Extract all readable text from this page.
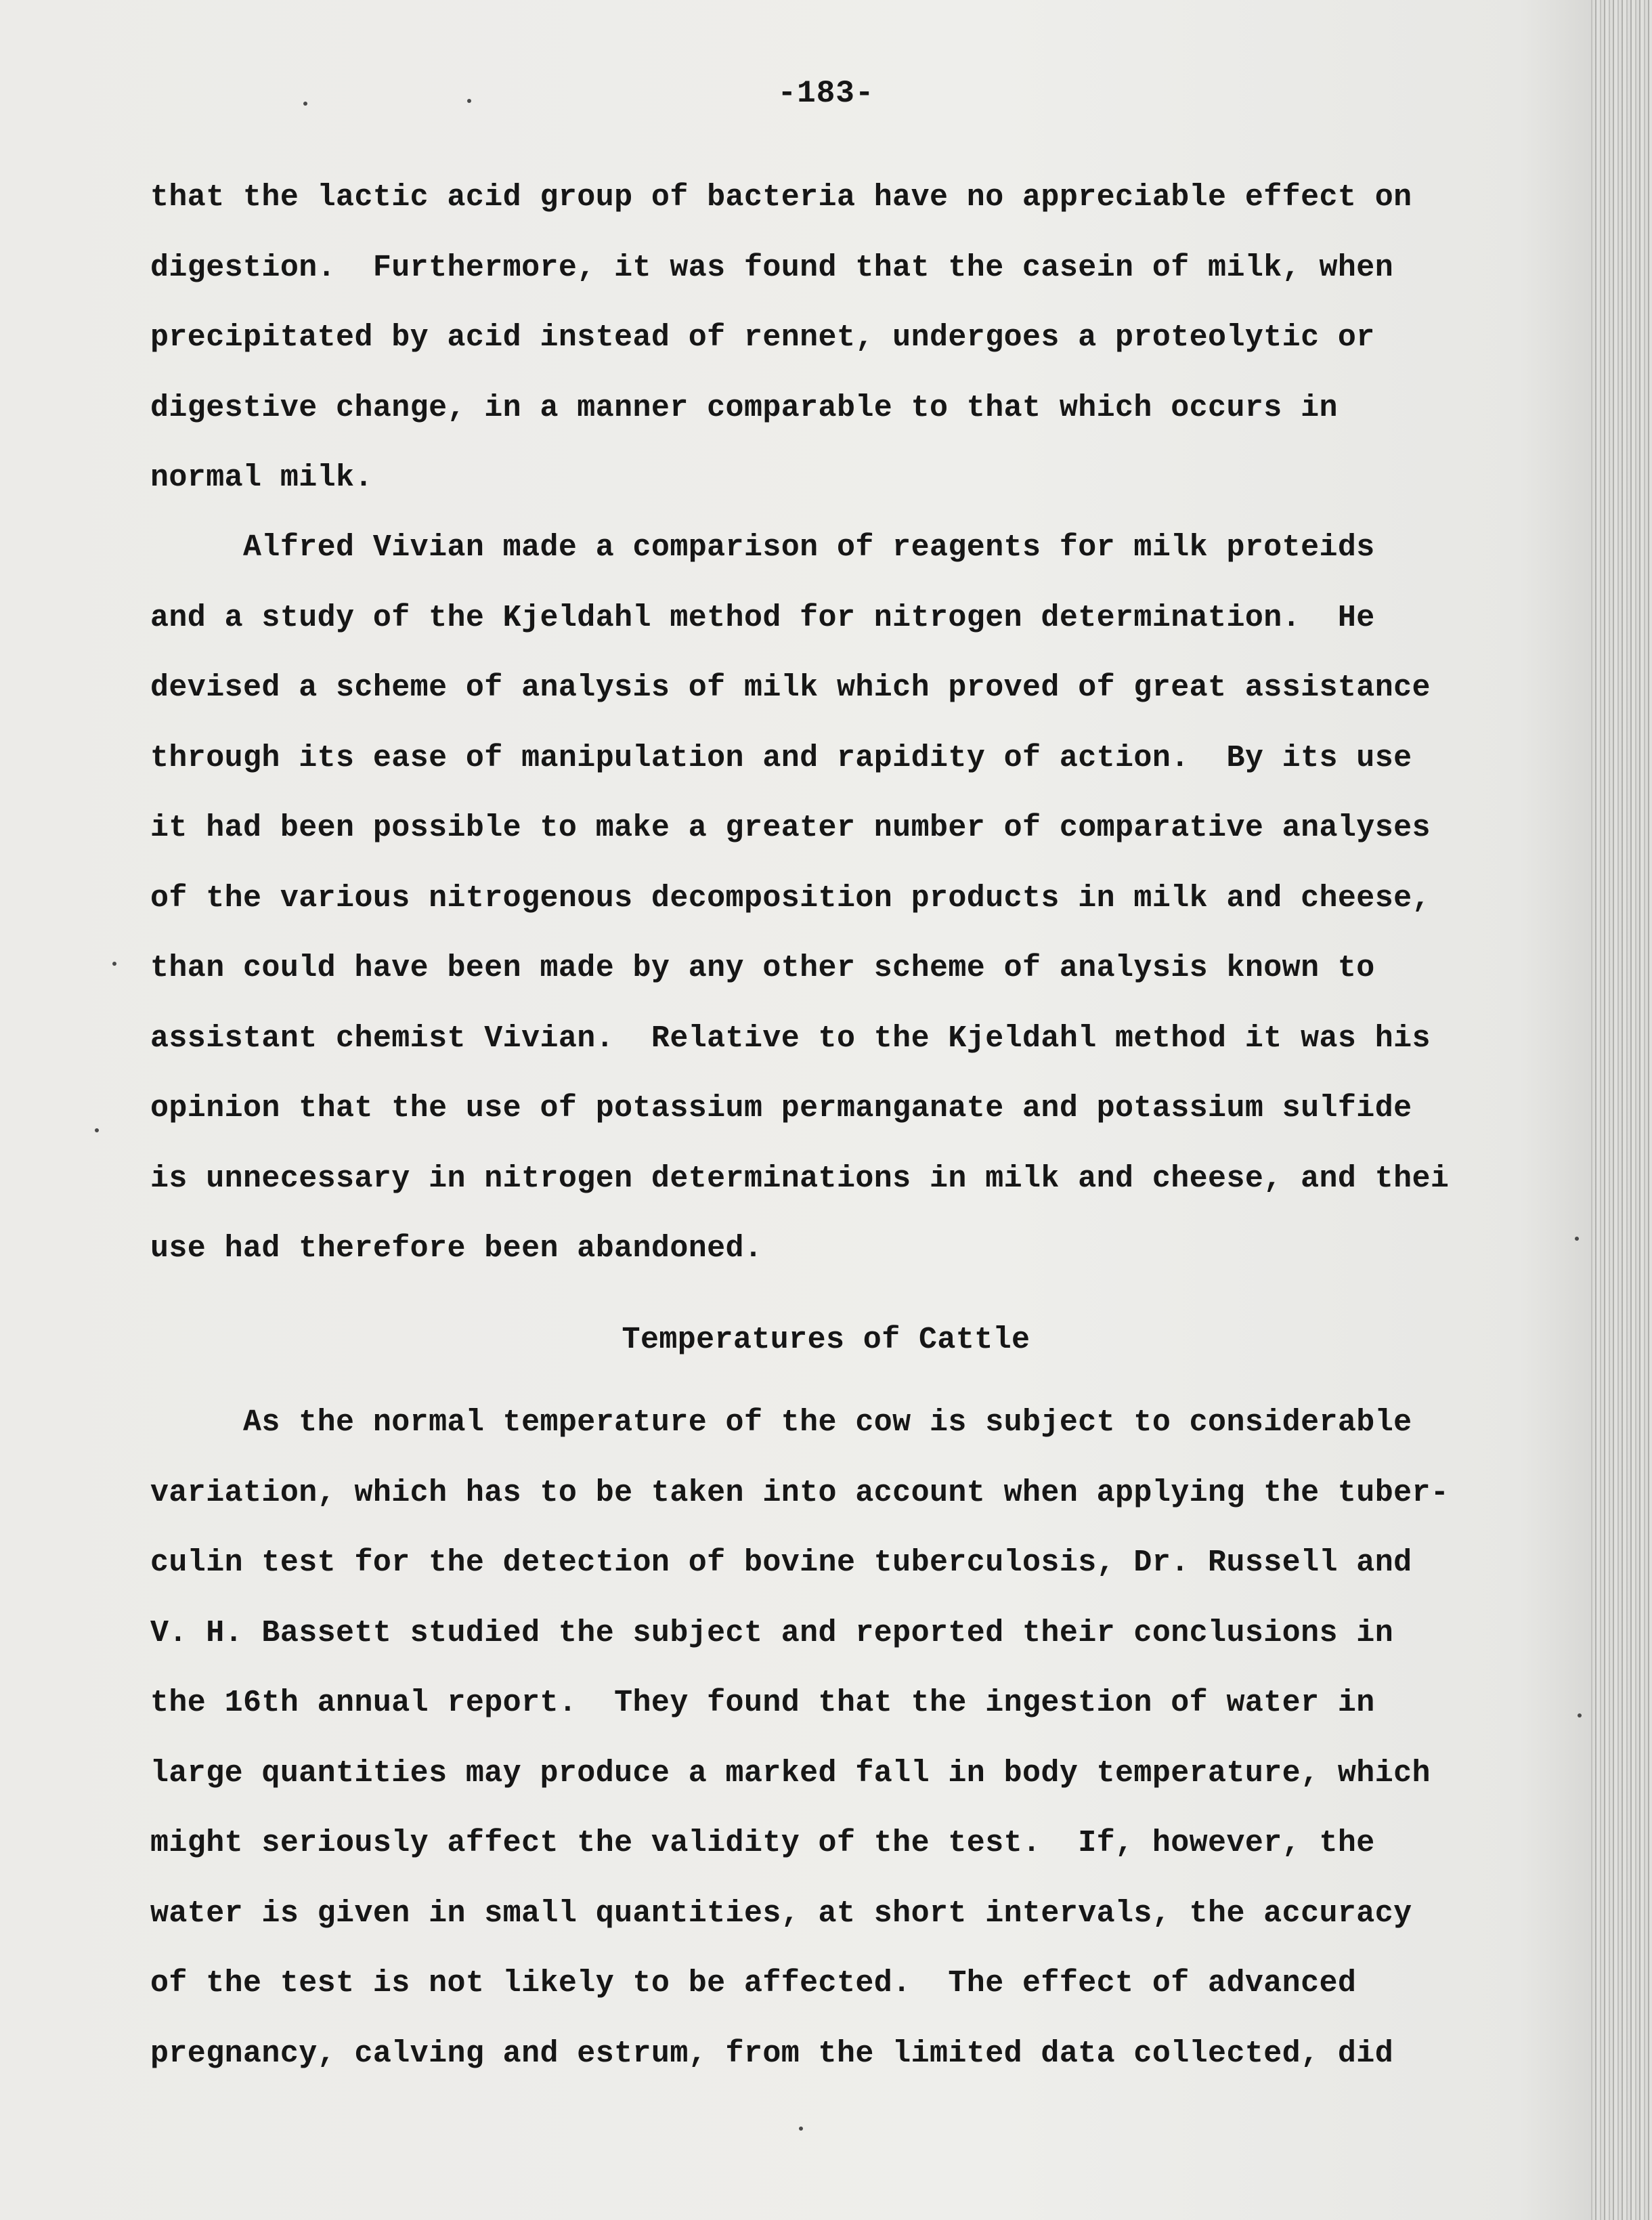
-183-
that the lactic acid group of bacteria have no appreciable effect on
digestion.  Furthermore, it was found that the casein of milk, when
precipitated by acid instead of rennet, undergoes a proteolytic or
digestive change, in a manner comparable to that which occurs in
normal milk.
Alfred Vivian made a comparison of reagents for milk proteids
and a study of the Kjeldahl method for nitrogen determination.  He
devised a scheme of analysis of milk which proved of great assistance
through its ease of manipulation and rapidity of action.  By its use
it had been possible to make a greater number of comparative analyses
of the various nitrogenous decomposition products in milk and cheese,
than could have been made by any other scheme of analysis known to
assistant chemist Vivian.  Relative to the Kjeldahl method it was his
opinion that the use of potassium permanganate and potassium sulfide
is unnecessary in nitrogen determinations in milk and cheese, and thei
use had therefore been abandoned.
Temperatures of Cattle
As the normal temperature of the cow is subject to considerable
variation, which has to be taken into account when applying the tuber-
culin test for the detection of bovine tuberculosis, Dr. Russell and
V. H. Bassett studied the subject and reported their conclusions in
the 16th annual report.  They found that the ingestion of water in
large quantities may produce a marked fall in body temperature, which
might seriously affect the validity of the test.  If, however, the
water is given in small quantities, at short intervals, the accuracy
of the test is not likely to be affected.  The effect of advanced
pregnancy, calving and estrum, from the limited data collected, did
